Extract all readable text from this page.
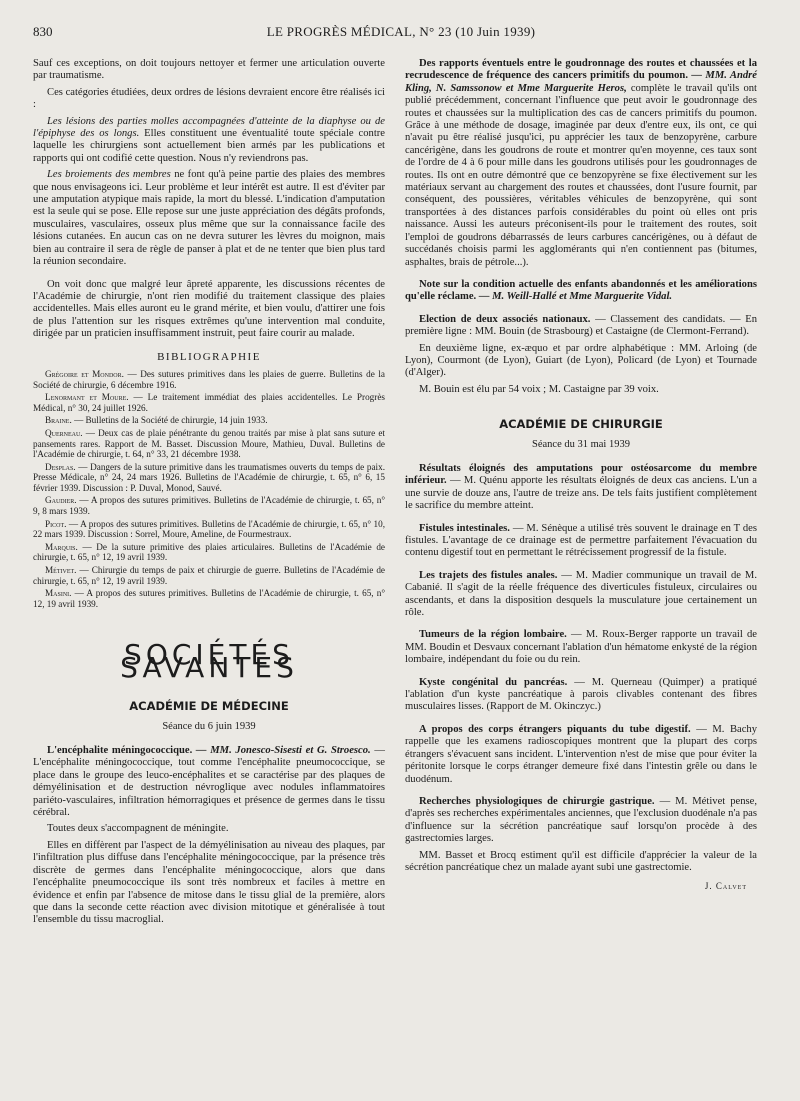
830	LE PROGRÈS MÉDICAL, N° 23 (10 Juin 1939)

Sauf ces exceptions, on doit toujours nettoyer et fermer une articulation ouverte par traumatisme.

Ces catégories étudiées, deux ordres de lésions devraient encore être réalisés ici :

Les lésions des parties molles accompagnées d'atteinte de la diaphyse ou de l'épiphyse des os longs. Elles constituent une éventualité toute spéciale contre laquelle les chirurgiens sont actuellement bien armés par les publications et rapports qui ont codifié cette question. Nous n'y reviendrons pas.

Les broiements des membres ne font qu'à peine partie des plaies des membres que nous envisageons ici. Leur problème et leur intérêt est autre. Il est d'éviter par une amputation atypique mais rapide, la mort du blessé. L'indication d'amputation est la seule qui se pose. Elle repose sur une juste appréciation des dégâts profonds, musculaires, vasculaires, osseux plus même que sur la connaissance facile des lésions cutanées. En aucun cas on ne devra suturer les lèvres du moignon, mais bien au contraire il sera de règle de panser à plat et de ne tenter que bien plus tard la réunion secondaire.

On voit donc que malgré leur âpreté apparente, les discussions récentes de l'Académie de chirurgie, n'ont rien modifié du traitement classique des plaies accidentelles. Mais elles auront eu le grand mérite, et bien voulu, d'attirer une fois de plus l'attention sur les risques extrêmes qu'une intervention mal conduite, dirigée par un praticien insuffisamment instruit, peut faire courir au malade.

BIBLIOGRAPHIE

Grégoire et Mondor. — Des sutures primitives dans les plaies de guerre. Bulletins de la Société de chirurgie, 6 décembre 1916.

Lenormant et Moure. — Le traitement immédiat des plaies accidentelles. Le Progrès Médical, n° 30, 24 juillet 1926.

Braine. — Bulletins de la Société de chirurgie, 14 juin 1933.

Querneau. — Deux cas de plaie pénétrante du genou traités par mise à plat sans suture et pansements rares. Rapport de M. Basset. Discussion Moure, Mathieu, Duval. Bulletins de l'Académie de chirurgie, t. 64, n° 33, 21 décembre 1938.

Desplas. — Dangers de la suture primitive dans les traumatismes ouverts du temps de paix. Presse Médicale, n° 24, 24 mars 1926. Bulletins de l'Académie de chirurgie, t. 65, n° 6, 15 février 1939. Discussion : P. Duval, Monod, Sauvé.

Gaudier. — A propos des sutures primitives. Bulletins de l'Académie de chirurgie, t. 65, n° 9, 8 mars 1939.

Picot. — A propos des sutures primitives. Bulletins de l'Académie de chirurgie, t. 65, n° 10, 22 mars 1939. Discussion : Sorrel, Moure, Ameline, de Fourmestraux.

Marquis. — De la suture primitive des plaies articulaires. Bulletins de l'Académie de chirurgie, t. 65, n° 12, 19 avril 1939.

Métivet. — Chirurgie du temps de paix et chirurgie de guerre. Bulletins de l'Académie de chirurgie, t. 65, n° 12, 19 avril 1939.

Masini. — A propos des sutures primitives. Bulletins de l'Académie de chirurgie, t. 65, n° 12, 19 avril 1939.

SOCIÉTÉS SAVANTES
ACADÉMIE DE MÉDECINE
Séance du 6 juin 1939

L'encéphalite méningococcique. — MM. Jonesco-Sisesti et G. Stroesco. — L'encéphalite méningococcique, tout comme l'encéphalite pneumococcique, se place dans le groupe des leuco-encéphalites et se caractérise par des plaques de démyélinisation et de destruction névroglique avec nodules inflammatoires pariéto-vasculaires, infiltration hémorragiques et présence de germes dans le tissu cérébral.

Toutes deux s'accompagnent de méningite.

Elles en diffèrent par l'aspect de la démyélinisation au niveau des plaques, par l'infiltration plus diffuse dans l'encéphalite méningococcique, par la présence très discrète de germes dans l'encéphalite méningococcique, alors que dans l'encéphalite pneumococcique ils sont très nombreux et faciles à mettre en évidence et enfin par l'absence de mitose dans le tissu glial de la première, alors que dans la seconde cette réaction avec division mitotique et généralisée à tout l'ensemble du tissu macroglial.

Des rapports éventuels entre le goudronnage des routes et chaussées et la recrudescence de fréquence des cancers primitifs du poumon. — MM. André Kling, N. Samssonow et Mme Marguerite Heros, complète le travail qu'ils ont publié précédemment, concernant l'influence que peut avoir le goudronnage des routes et chaussées sur la multiplication des cas de cancers primitifs du poumon. Grâce à une méthode de dosage, imaginée par deux d'entre eux, ils ont, ce qui n'avait pu être réalisé jusqu'ici, pu apprécier les taux de benzopyrène, carbure cancérigène, dans les goudrons de route et montrer qu'en moyenne, ces taux sont de l'ordre de 4 à 6 pour mille dans les goudrons utilisés pour les goudronnages de routes. Ils ont en outre démontré que ce benzopyrène se fixe électivement sur les matériaux servant au chargement des routes et chaussées, dont l'usure fournit, par conséquent, des poussières, véritables véhicules de benzopyrène, qui sont transportées à des distances parfois considérables du point où elles ont pris naissance. Aussi les auteurs préconisent-ils pour le traitement des routes, soit l'emploi de goudrons débarrassés de leurs carbures cancérigènes, ou à défaut de succédanés choisis parmi les agglomérants qui n'en contiennent pas (bitumes, asphaltes, brais de pétrole...).

Note sur la condition actuelle des enfants abandonnés et les améliorations qu'elle réclame. — M. Weill-Hallé et Mme Marguerite Vidal.

Election de deux associés nationaux. — Classement des candidats. — En première ligne : MM. Bouin (de Strasbourg) et Castaigne (de Clermont-Ferrand).

En deuxième ligne, ex-æquo et par ordre alphabétique : MM. Arloing (de Lyon), Courmont (de Lyon), Guiart (de Lyon), Policard (de Lyon) et Tournade (d'Alger).

M. Bouin est élu par 54 voix ; M. Castaigne par 39 voix.

ACADÉMIE DE CHIRURGIE
Séance du 31 mai 1939

Résultats éloignés des amputations pour ostéosarcome du membre inférieur. — M. Quénu apporte les résultats éloignés de deux cas anciens. L'un a une survie de douze ans, l'autre de treize ans. De tels faits justifient complètement le sacrifice du membre atteint.

Fistules intestinales. — M. Sénèque a utilisé très souvent le drainage en T des fistules. L'avantage de ce drainage est de permettre parfaitement l'évacuation du contenu digestif tout en permettant le rétrécissement progressif de la fistule.

Les trajets des fistules anales. — M. Madier communique un travail de M. Cabanié. Il s'agit de la réelle fréquence des diverticules fistuleux, circulaires ou ascendants, et dans la disposition desquels la musculature joue certainement un rôle.

Tumeurs de la région lombaire. — M. Roux-Berger rapporte un travail de MM. Boudin et Desvaux concernant l'ablation d'un hématome enkysté de la région lombaire, indépendant du foie ou du rein.

Kyste congénital du pancréas. — M. Querneau (Quimper) a pratiqué l'ablation d'un kyste pancréatique à parois clivables contenant des fibres musculaires lisses. (Rapport de M. Okinczyc.)

A propos des corps étrangers piquants du tube digestif. — M. Bachy rappelle que les examens radioscopiques montrent que la plupart des corps étrangers s'évacuent sans incident. L'intervention n'est de mise que pour éviter la péritonite lorsque le corps étranger demeure fixé dans l'intestin grêle ou dans le duodénum.

Recherches physiologiques de chirurgie gastrique. — M. Métivet pense, d'après ses recherches expérimentales anciennes, que l'exclusion duodénale n'a pas d'influence sur la sécrétion pancréatique sauf lorsqu'on procède à des gastrectomies larges.

MM. Basset et Brocq estiment qu'il est difficile d'apprécier la valeur de la sécrétion pancréatique chez un malade ayant subi une gastrectomie.

J. Calvet
